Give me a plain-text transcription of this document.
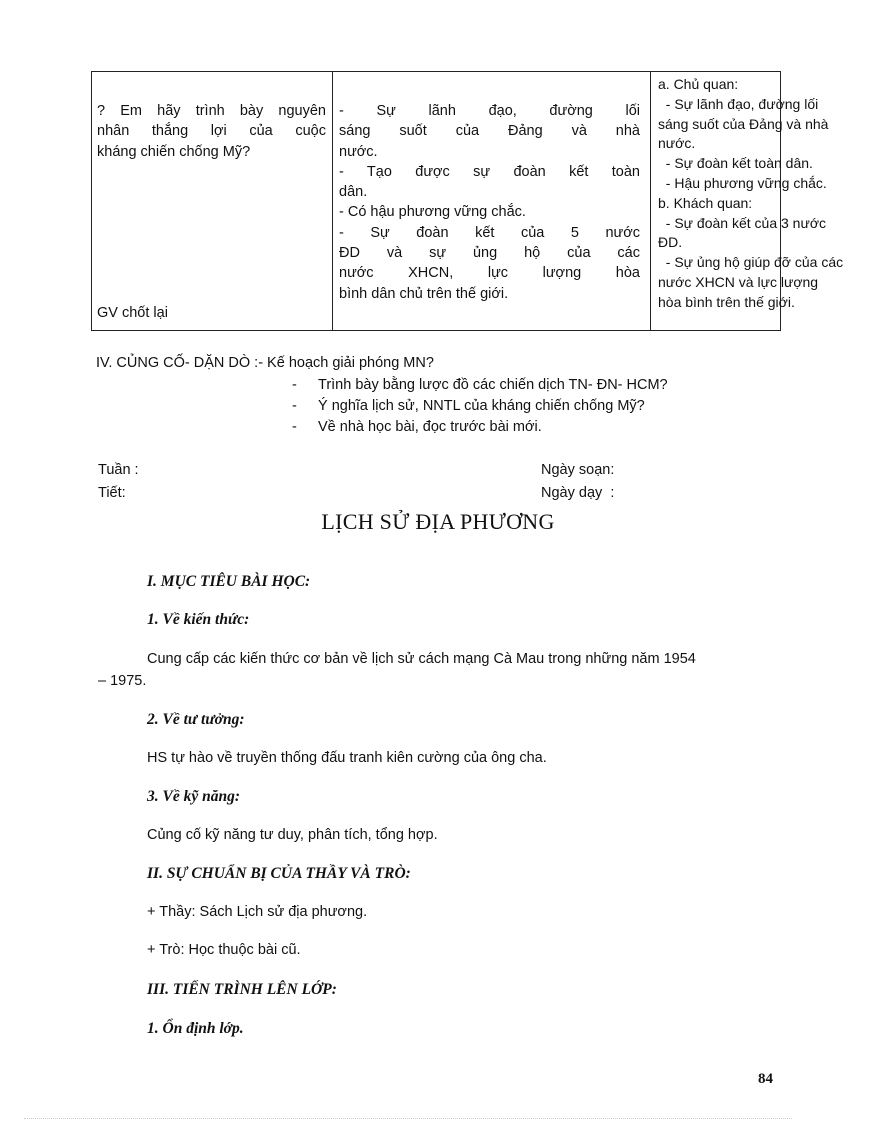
? Em hãy trình bày nguyên
nhân thắng lợi của cuộc
kháng chiến chống Mỹ?
GV chốt lại
- Sự lãnh đạo, đường lối
sáng suốt của Đảng và nhà
nước.
- Tạo được sự đoàn kết toàn
dân.
- Có hậu phương vững chắc.
- Sự đoàn kết của 5 nước
ĐD và sự ủng hộ của các
nước XHCN, lực lượng hòa
bình dân chủ trên thế giới.
a. Chủ quan:
- Sự lãnh đạo, đường lối
sáng suốt của Đảng và nhà
nước.
- Sự đoàn kết toàn dân.
- Hậu phương vững chắc.
b. Khách quan:
- Sự đoàn kết của 3 nước
ĐD.
- Sự ủng hộ giúp đỡ của các
nước XHCN và lực lượng
hòa bình trên thế giới.
IV. CỦNG CỐ- DẶN DÒ :- Kế hoạch giải phóng MN?
- Trình bày bằng lược đồ các chiến dịch TN- ĐN- HCM?
- Ý nghĩa lịch sử, NNTL của kháng chiến chống Mỹ?
- Về nhà học bài, đọc trước bài mới.
Tuần :
Tiết:
Ngày soạn:
Ngày dạy  :
LỊCH SỬ ĐỊA PHƯƠNG
I. MỤC TIÊU BÀI HỌC:
1. Về kiến thức:
Cung cấp các kiến thức cơ bản về lịch sử cách mạng Cà Mau trong những năm 1954
– 1975.
2. Về tư tưởng:
HS tự hào về truyền thống đấu tranh kiên cường của ông cha.
3. Về kỹ năng:
Củng cố kỹ năng tư duy, phân tích, tổng hợp.
II. SỰ CHUẨN BỊ CỦA THẦY VÀ TRÒ:
+ Thầy: Sách Lịch sử địa phương.
+ Trò: Học thuộc bài cũ.
III. TIẾN TRÌNH LÊN LỚP:
1. Ổn định lớp.
84
